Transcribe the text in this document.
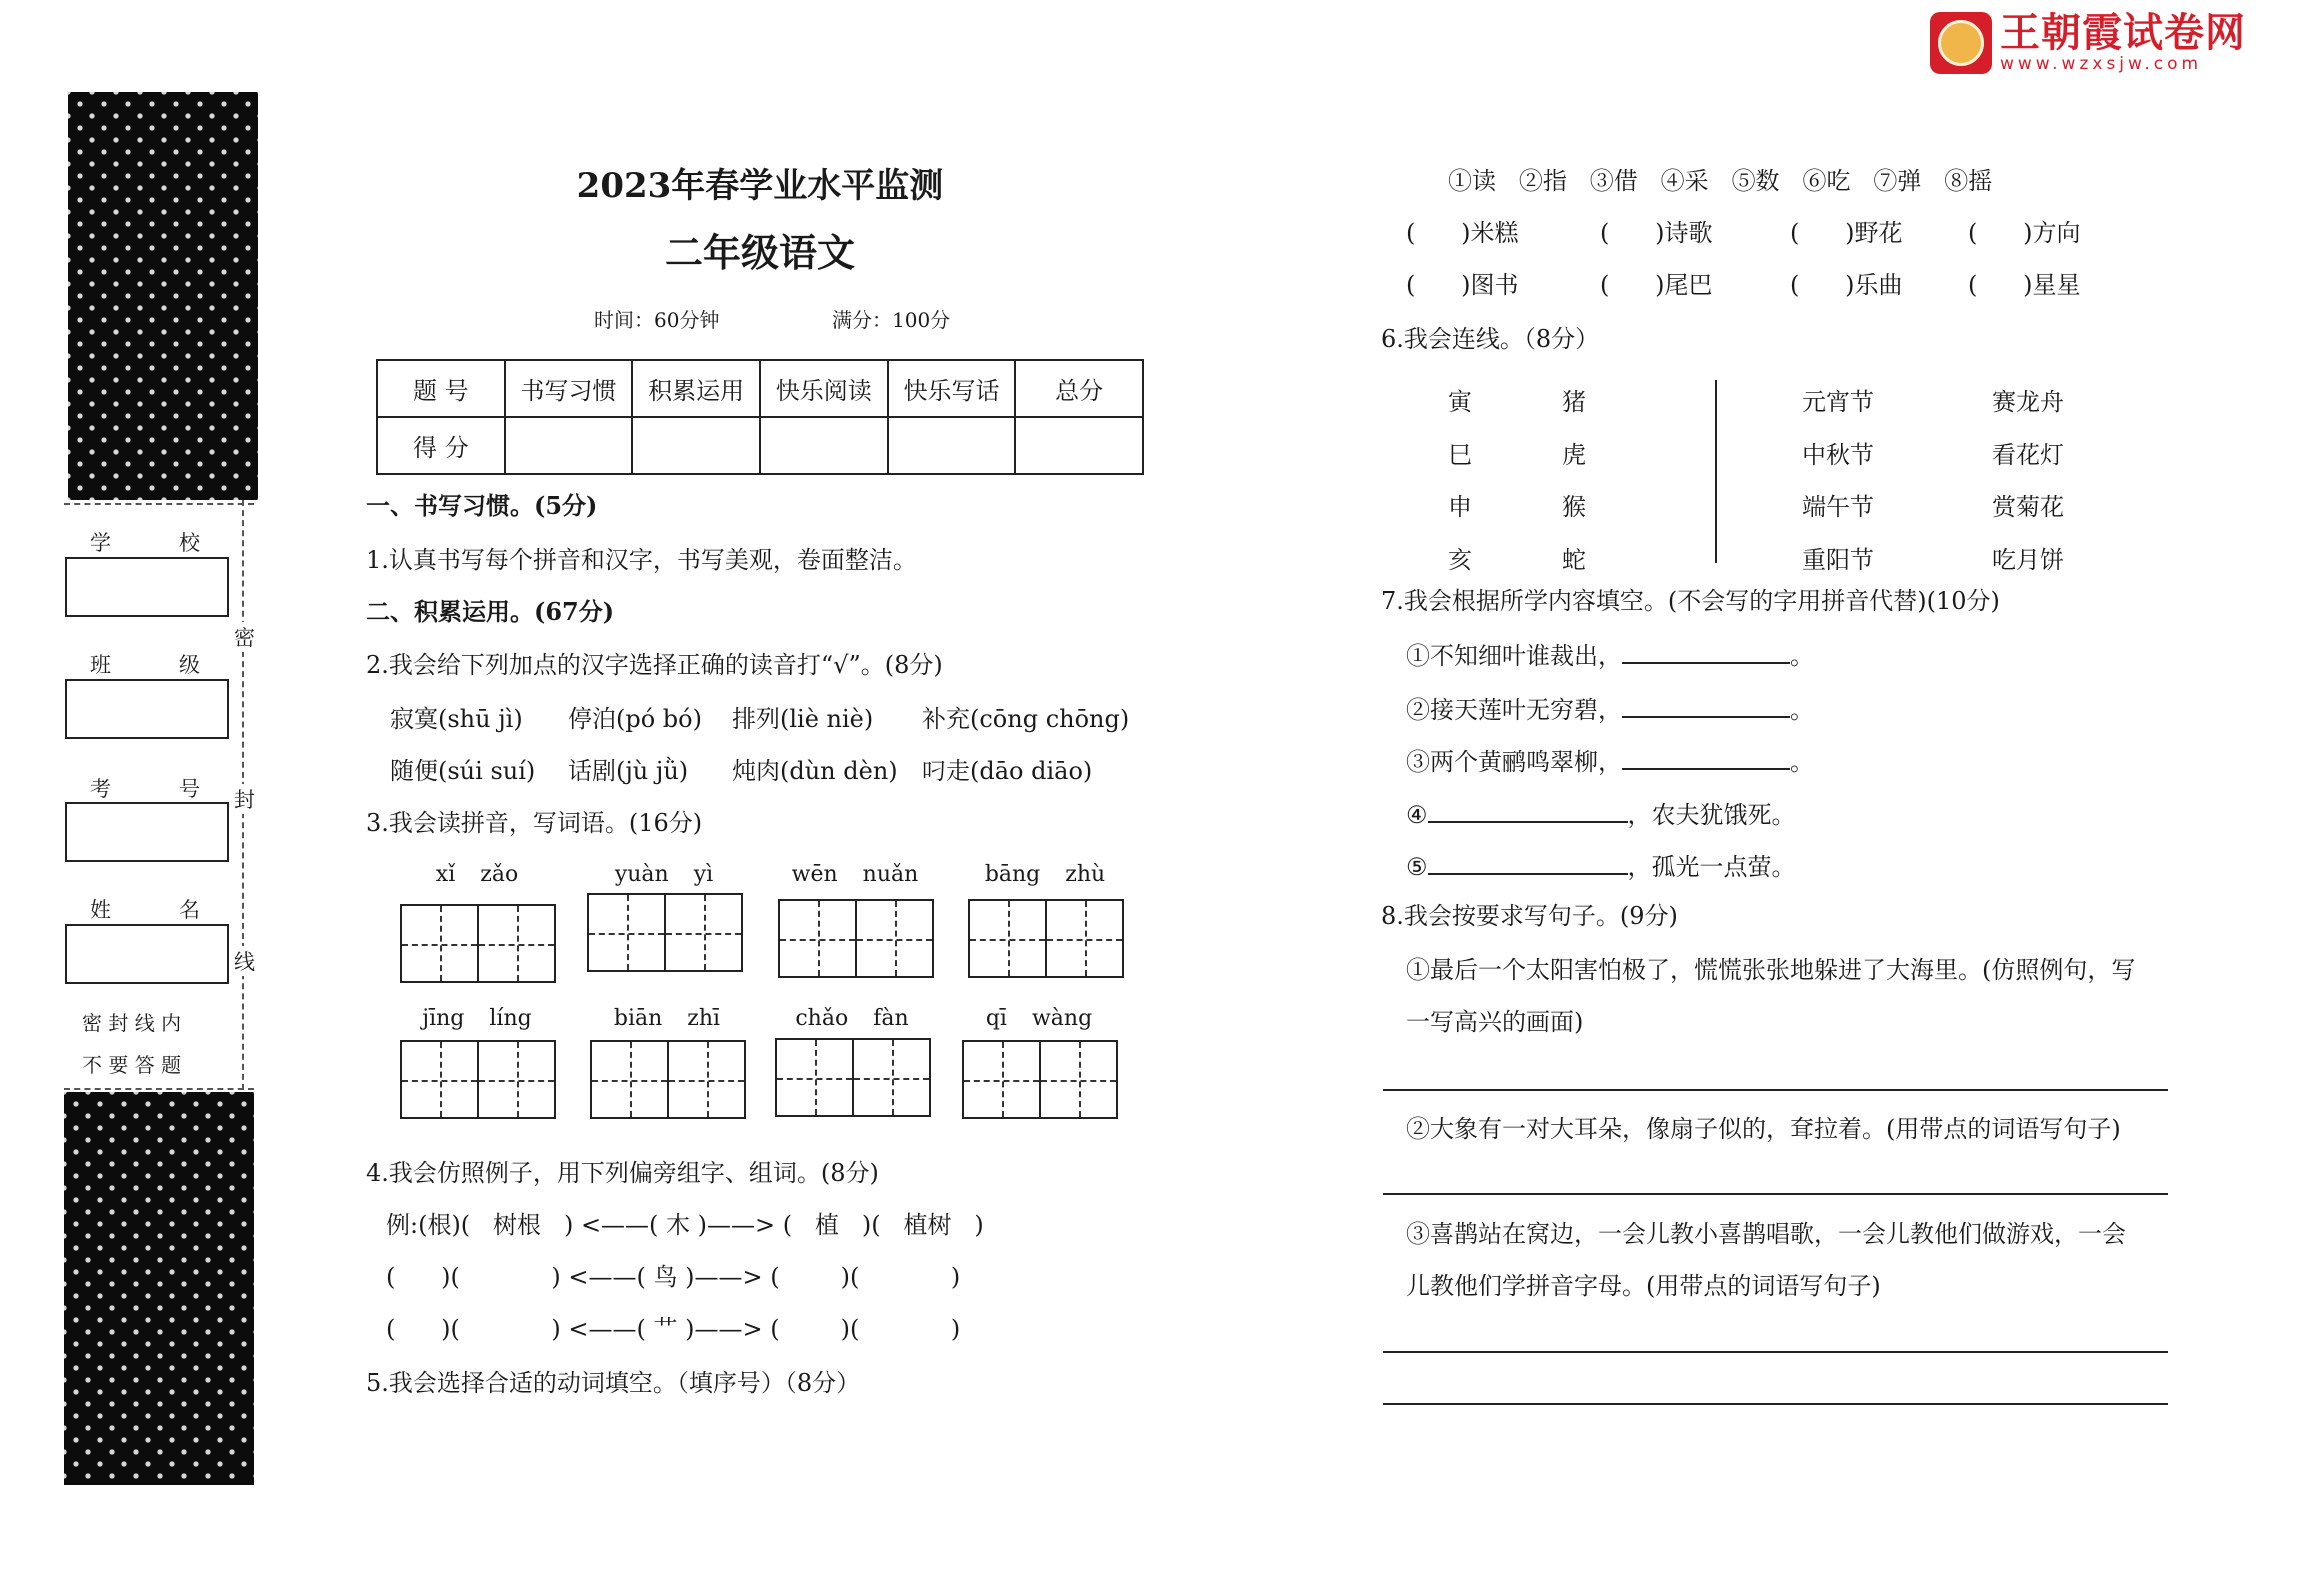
王朝霞试卷网
www.wzxsjw.com
密
封
线
学	校
班	级
考	号
姓	名
密 封 线 内
不 要 答 题
2023年春学业水平监测
二年级语文
时间：60分钟	满分：100分
题 号	书写习惯	积累运用	快乐阅读	快乐写话	总分
得 分					
一、书写习惯。(5分)
1.认真书写每个拼音和汉字，书写美观，卷面整洁。
二、积累运用。(67分)
2.我会给下列加点的汉字选择正确的读音打“√”。(8分)
寂寞(shū jì) 停泊(pó bó) 排列(liè niè) 补充(cōng chōng)
随便(súi suí) 话剧(jù jǜ) 炖肉(dùn dèn) 叼走(dāo diāo)
3.我会读拼音，写词语。(16分)
xǐ zǎo	yuàn yì	wēn nuǎn	bāng zhù
jīng líng	biān zhī	chǎo fàn	qī wàng
4.我会仿照例子，用下列偏旁组字、组词。(8分)
例:(根)(   树根   ) <——( 木 )——> (   植   )(   植树   )
(      )(            ) <——( 鸟 )——> (        )(            )
(      )(            ) <——( 艹 )——> (        )(            )
5.我会选择合适的动词填空。（填序号）（8分）
①读 ②指 ③借 ④采 ⑤数 ⑥吃 ⑦弹 ⑧摇
(      )米糕	(      )诗歌	(      )野花	(      )方向
(      )图书	(      )尾巴	(      )乐曲	(      )星星
6.我会连线。（8分）
寅
巳
申
亥
猪
虎
猴
蛇
元宵节
中秋节
端午节
重阳节
赛龙舟
看花灯
赏菊花
吃月饼
7.我会根据所学内容填空。(不会写的字用拼音代替)(10分)
①不知细叶谁裁出，	。
②接天莲叶无穷碧，	。
③两个黄鹂鸣翠柳，	。
④	，农夫犹饿死。
⑤	，孤光一点萤。
8.我会按要求写句子。(9分)
①最后一个太阳害怕极了，慌慌张张地躲进了大海里。(仿照例句，写
一写高兴的画面)
②大象有一对大耳朵，像扇子似的，耷拉着。(用带点的词语写句子)
③喜鹊站在窝边，一会儿教小喜鹊唱歌，一会儿教他们做游戏，一会
儿教他们学拼音字母。(用带点的词语写句子)
